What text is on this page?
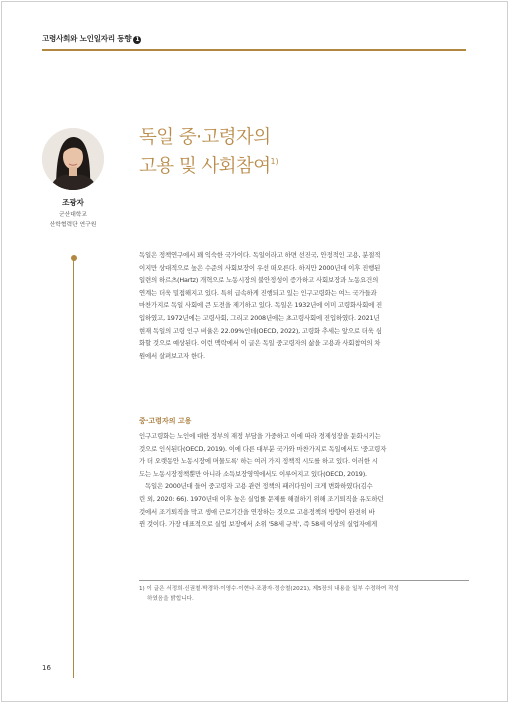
고령사회와 노인일자리 동향 1
조광자
군산대학교
산학협력단 연구원
독일 중·고령자의
고용 및 사회참여$^{1)}$
독일은 정책연구에서 꽤 익숙한 국가이다. 독일이라고 하면 선진국, 안정적인 고용, 분절적
이지만 상대적으로 높은 수준의 사회보장이 우선 떠오른다. 하지만 2000년대 이후 진행된
일련의 하르츠(Hartz) 개혁으로 노동시장의 불안정성이 증가하고 사회보장과 노동요건의
연계는 더욱 밀접해지고 있다. 특히 급속하게 진행되고 있는 인구고령화는 여느 국가들과
마찬가지로 독일 사회에 큰 도전을 제기하고 있다. 독일은 1932년에 이미 고령화사회에 진
입하였고, 1972년에는 고령사회, 그리고 2008년에는 초고령사회에 진입하였다. 2021년
현재 독일의 고령 인구 비율은 22.09%인데(OECD, 2022), 고령화 추세는 앞으로 더욱 심
화할 것으로 예상된다. 이런 맥락에서 이 글은 독일 중고령자의 삶을 고용과 사회참여의 차
원에서 살펴보고자 한다.
중·고령자의 고용
인구고령화는 노인에 대한 정부의 재정 부담을 가중하고 이에 따라 경제성장을 둔화시키는
것으로 인식된다(OECD, 2019). 이에 다른 대부분 국가와 마찬가지로 독일에서도 '중고령자
가 더 오랫동안 노동시장에 머물도록' 하는 여러 가지 정책적 시도를 하고 있다. 이러한 시
도는 노동시장정책뿐만 아니라 소득보장영역에서도 이루어지고 있다(OECD, 2019).
독일은 2000년대 들어 중고령자 고용 관련 정책의 패러다임이 크게 변화하였다(김수
린 외, 2020: 66). 1970년대 이후 높은 실업률 문제를 해결하기 위해 조기퇴직을 유도하던
것에서 조기퇴직을 막고 생애 근로기간을 연장하는 것으로 고용정책의 방향이 완전히 바
뀐 것이다. 가장 대표적으로 실업 보장에서 소위 '58세 규칙', 즉 58세 이상의 실업자에게
1) 이 글은 서정희·신권철·박경하·이영수·이현나·조광자·정승철(2021), 제5장의 내용을 일부 수정하여 작성
하였음을 밝힙니다.
16
